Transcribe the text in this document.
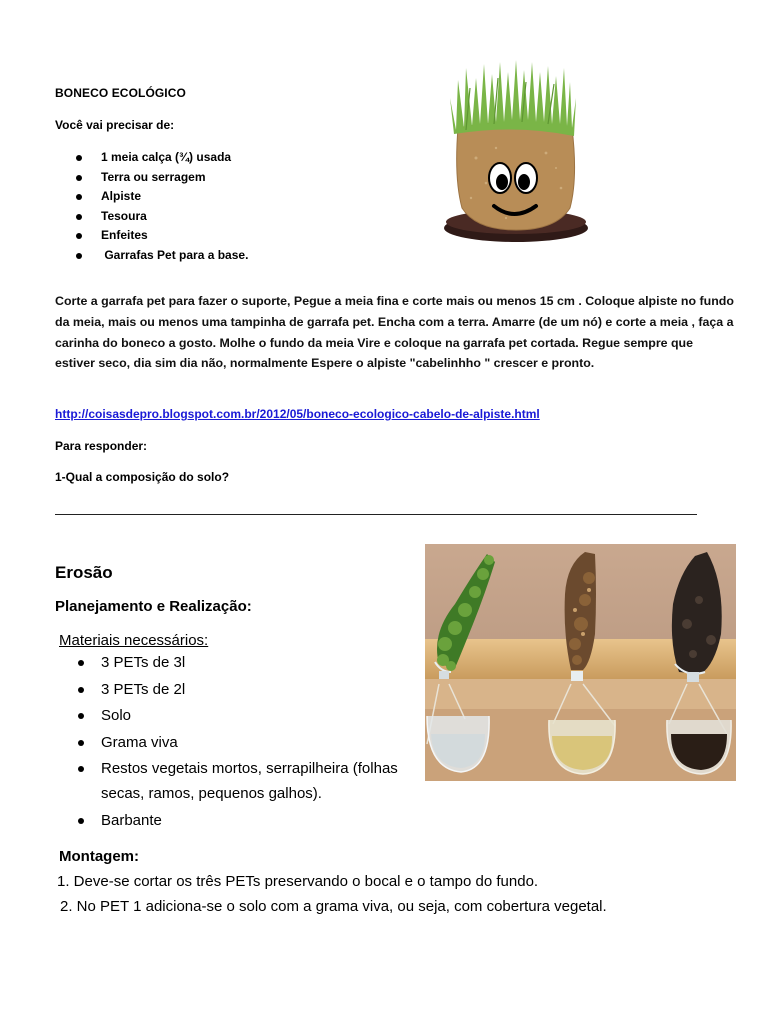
BONECO ECOLÓGICO
Você vai precisar de:
1 meia calça (¾) usada
Terra ou serragem
Alpiste
Tesoura
Enfeites
Garrafas Pet para a base.
Corte a garrafa pet para fazer o suporte, Pegue a meia fina e corte mais ou menos 15 cm . Coloque alpiste no fundo da meia, mais ou menos uma tampinha de garrafa pet. Encha com a terra. Amarre (de um nó) e corte a meia , faça a carinha do boneco a gosto. Molhe o fundo da meia Vire e coloque na garrafa pet cortada. Regue sempre que estiver seco, dia sim dia não, normalmente Espere o alpiste "cabelinhho " crescer e pronto.
http://coisasdepro.blogspot.com.br/2012/05/boneco-ecologico-cabelo-de-alpiste.html
Para responder:
1-Qual a composição do solo?
Erosão
Planejamento e Realização:
Materiais necessários:
3 PETs de 3l
3 PETs de 2l
Solo
Grama viva
Restos vegetais mortos, serrapilheira (folhas secas, ramos, pequenos galhos).
Barbante
Montagem:
1. Deve-se cortar os três PETs preservando o bocal e o tampo do fundo.
2. No PET 1 adiciona-se o solo com a grama viva, ou seja, com cobertura vegetal.
